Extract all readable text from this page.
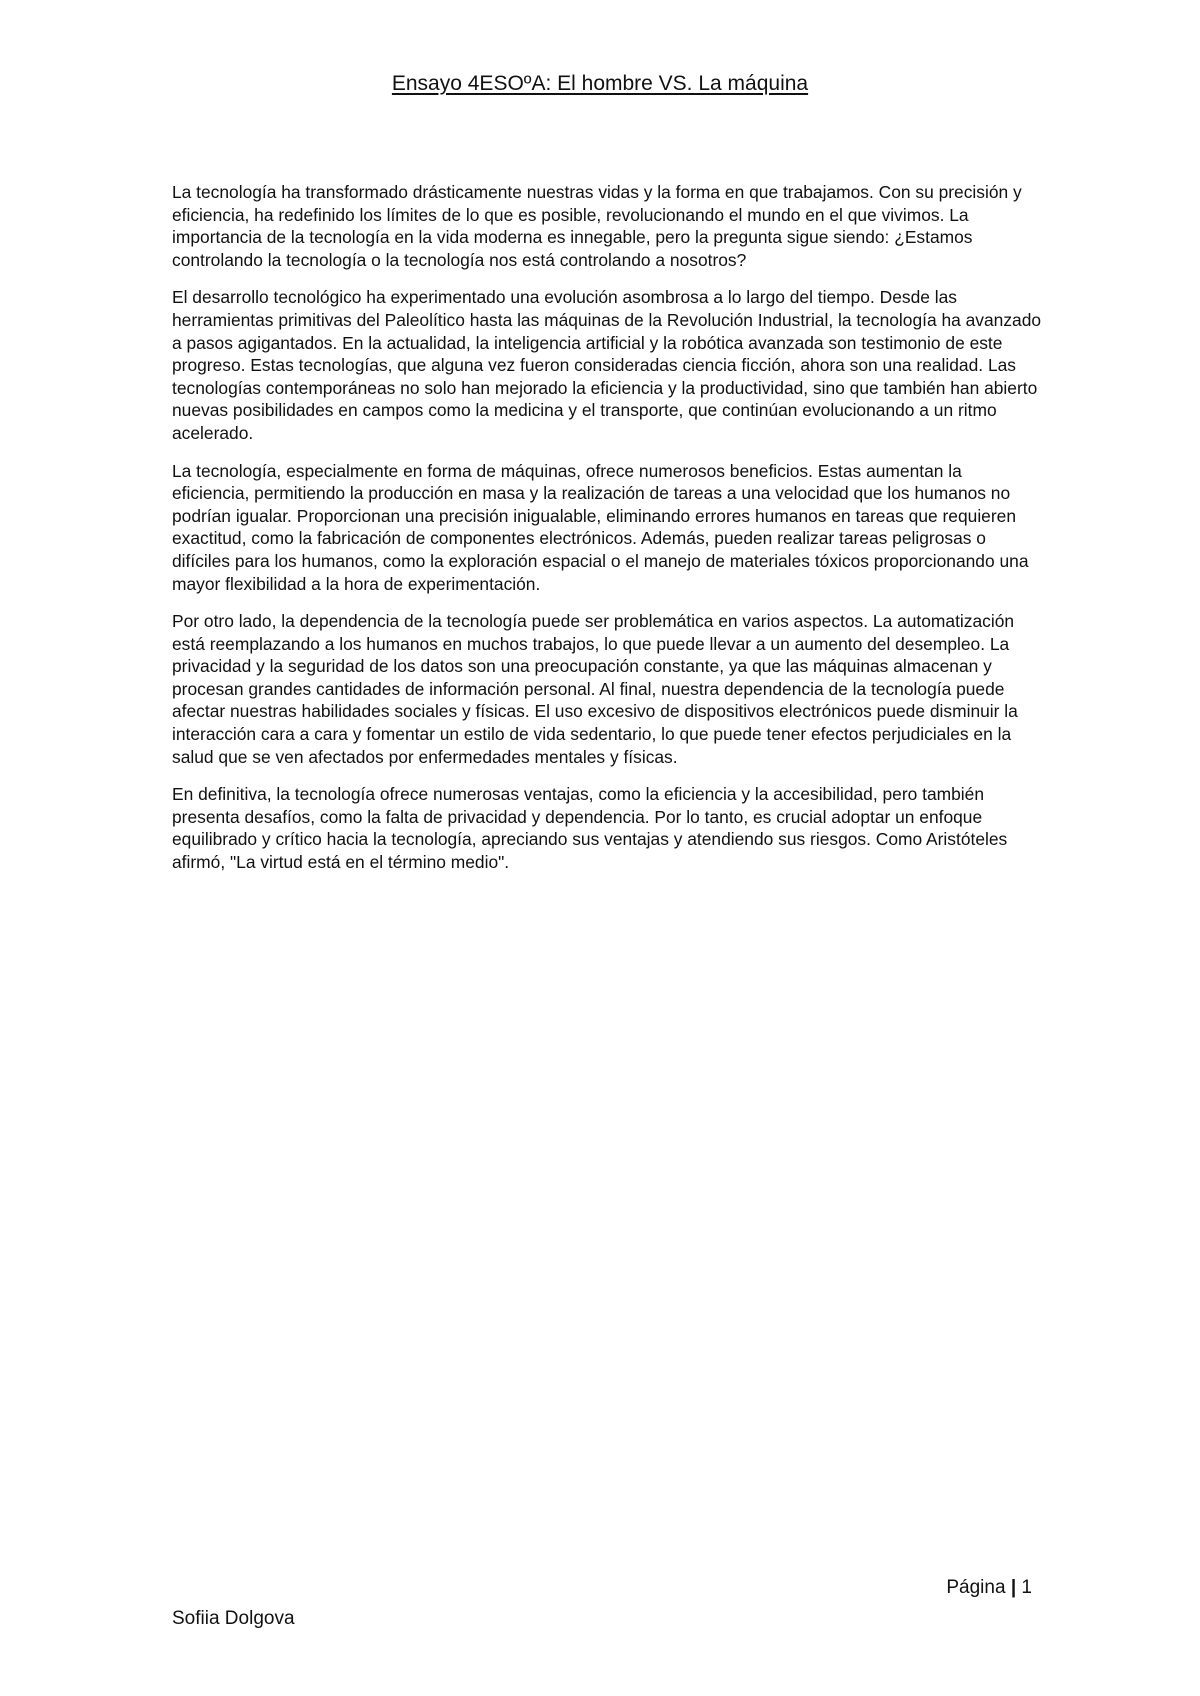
Ensayo 4ESOºA: El hombre VS. La máquina

La tecnología ha transformado drásticamente nuestras vidas y la forma en que trabajamos. Con su precisión y eficiencia, ha redefinido los límites de lo que es posible, revolucionando el mundo en el que vivimos. La importancia de la tecnología en la vida moderna es innegable, pero la pregunta sigue siendo: ¿Estamos controlando la tecnología o la tecnología nos está controlando a nosotros?

El desarrollo tecnológico ha experimentado una evolución asombrosa a lo largo del tiempo. Desde las herramientas primitivas del Paleolítico hasta las máquinas de la Revolución Industrial, la tecnología ha avanzado a pasos agigantados. En la actualidad, la inteligencia artificial y la robótica avanzada son testimonio de este progreso. Estas tecnologías, que alguna vez fueron consideradas ciencia ficción, ahora son una realidad. Las tecnologías contemporáneas no solo han mejorado la eficiencia y la productividad, sino que también han abierto nuevas posibilidades en campos como la medicina y el transporte, que continúan evolucionando a un ritmo acelerado.

La tecnología, especialmente en forma de máquinas, ofrece numerosos beneficios. Estas aumentan la eficiencia, permitiendo la producción en masa y la realización de tareas a una velocidad que los humanos no podrían igualar. Proporcionan una precisión inigualable, eliminando errores humanos en tareas que requieren exactitud, como la fabricación de componentes electrónicos. Además, pueden realizar tareas peligrosas o difíciles para los humanos, como la exploración espacial o el manejo de materiales tóxicos proporcionando una mayor flexibilidad a la hora de experimentación.

Por otro lado, la dependencia de la tecnología puede ser problemática en varios aspectos. La automatización está reemplazando a los humanos en muchos trabajos, lo que puede llevar a un aumento del desempleo. La privacidad y la seguridad de los datos son una preocupación constante, ya que las máquinas almacenan y procesan grandes cantidades de información personal. Al final, nuestra dependencia de la tecnología puede afectar nuestras habilidades sociales y físicas. El uso excesivo de dispositivos electrónicos puede disminuir la interacción cara a cara y fomentar un estilo de vida sedentario, lo que puede tener efectos perjudiciales en la salud que se ven afectados por enfermedades mentales y físicas.

En definitiva, la tecnología ofrece numerosas ventajas, como la eficiencia y la accesibilidad, pero también presenta desafíos, como la falta de privacidad y dependencia. Por lo tanto, es crucial adoptar un enfoque equilibrado y crítico hacia la tecnología, apreciando sus ventajas y atendiendo sus riesgos. Como Aristóteles afirmó, "La virtud está en el término medio".

Página | 1
Sofiia Dolgova
